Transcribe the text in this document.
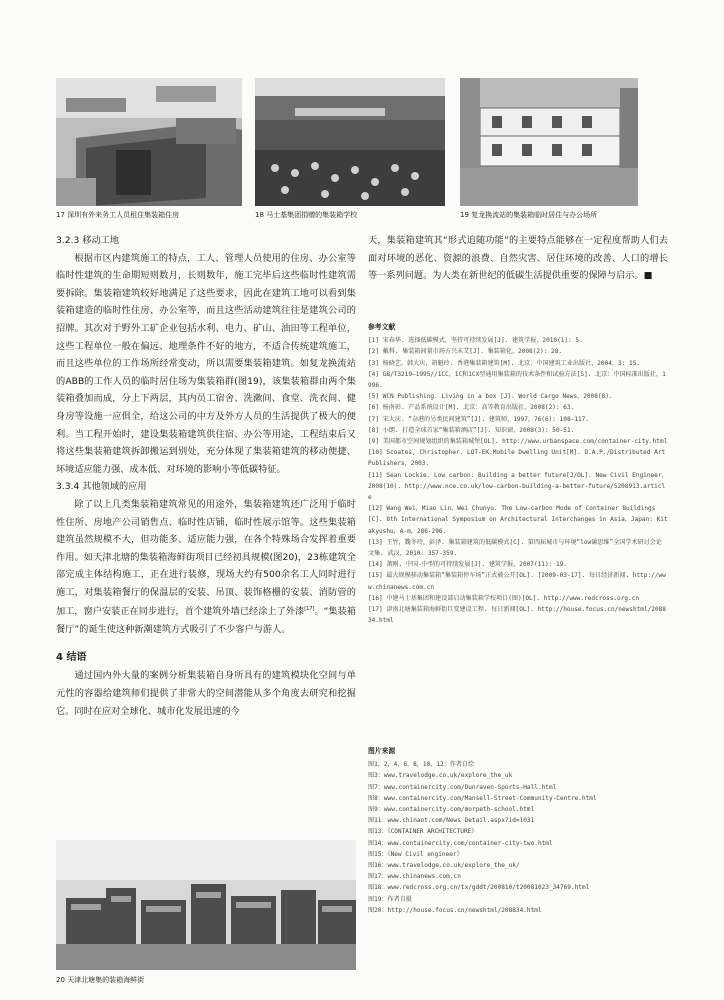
17 深圳有外来务工人员租住集装箱住房	18 马士基集团捐赠的集装箱学校	19 复龙换流站的集装箱临时居住与办公场所
3.2.3 移动工地

根据市区内建筑施工的特点，工人、管理人员使用的住房、办公室等临时性建筑的生命期短则数月，长则数年，施工完毕后这些临时性建筑需要拆除。集装箱建筑较好地满足了这些要求，因此在建筑工地可以看到集装箱建造的临时性住房、办公室等，而且这些活动建筑往往是建筑公司的招牌。其次对于野外工矿企业包括水利、电力、矿山、油田等工程单位，这些工程单位一般在偏远、地理条件不好的地方，不适合传统建筑施工，而且这些单位的工作场所经常变动，所以需要集装箱建筑。如复龙换流站的ABB的工作人员的临时居住场为集装箱群(图19)，该集装箱群由两个集装箱叠加而成，分上下两层，其内员工宿舍、洗漱间、食堂、洗衣间、健身房等设施一应俱全，给这公司的中方及外方人员的生活提供了极大的便利。当工程开始时，建设集装箱建筑供住宿、办公等用途，工程结束后又将这些集装箱建筑拆卸搬运到别处，充分体现了集装箱建筑的移动便捷、环境适应能力强、成本低、对环境的影响小等低碳特征。

3.3.4 其他领域的应用

除了以上几类集装箱建筑常见的用途外，集装箱建筑还广泛用于临时性住所、房地产公司销售点、临时性店铺，临时性展示馆等。这些集装箱建筑虽然规模不大，但功能多、适应能力强，在各个特殊场合发挥着重要作用。如天津北塘的集装箱海鲜街项目已经初具规模(图20)，23栋建筑全部完成主体结构施工，正在进行装修，现场大约有500余名工人同时进行施工，对集装箱餐厅的保温层的安装、吊顶、装饰格栅的安装、消防管的加工，窗户安装正在同步进行，首个建筑外墙已经涂上了外漆[17]。“集装箱餐厅”的诞生使这种新潮建筑方式吸引了不少客户与游人。

4 结语

通过国内外大量的案例分析集装箱自身所具有的建筑模块化空间与单元性的容器给建筑师们提供了非常大的空间潜能从多个角度去研究和挖掘它。同时在应对全球化、城市化发展迅速的今

20 天津北塘集的装箱海鲜街

天，集装箱建筑其“形式追随功能”的主要特点能够在一定程度帮助人们去面对环境的恶化、资源的浪费、自然灾害、居住环境的改善、人口的增长等一系列问题。为人类在新世纪的低碳生活提供重要的保障与启示。■

参考文献
[1] 宋春华. 选择低碳模式，坚持可持续发展[J]. 建筑学报，2010(1): 5.
[2] 戴科. 集装箱间量市场方兴未艾[J]. 集装箱化，2008(2): 28.
[3] 杨晓艺，韩大庆，胡魁玲. 香港集装箱建筑[M]. 北京：中国建筑工业出版社，2004，3: 15.
[4] GB/T3219—1995//1CC，1C和1CX型通用集装箱的技术条件和试验方法[S]. 北京：中国标准出版社，1996.
[5] WCN Publishing. Living in a box [J]. World Cargo News，2008(8).
[6] 杨南彰. 产品系统设计[M]. 北京：高等教育出版社，2008(2): 63.
[7] 宋大庆. “杂港的另类民间建筑”[J]. 建筑师，1997，76(6): 108-117.
[8] 小朗. 打造全球首家“集装箱酒店”[J]. 知识窗，2008(3): 50-51.
[9] 美国都市空间规划组织的集装箱城堡[OL]. http://www.urbanspace.com/container-city.html
[10] Scoates, Christopher. LOT-EK:Mobile Dwelling Unit[M]. D.A.P./Distributed Art Publishers，2003.
[11] Sean Lockie. Low carbon: Building a better future[J/OL]. New Civil Engineer，2008(10). http://www.nce.co.uk/low-carbon-building-a-better-future/5208913.article
[12] Wang Wei，Miao Lin，Wei Chunyu. The Low-carbon Mode of Container Buildings[C]. 8th International Symposium on Architectural Interchanges in Asia，Japan: Kitakyushu，A-m，286-296.
[13] 王竹，魏冬玲，彭泽. 集装箱建筑的低碳模式[C]. 第四届城市与环境“low碳思维”全国学术研讨会论文集. 武汉，2010: 357-359.
[14] 萧刚. 中国-中型的可持续发展[J]. 建筑学报，2007(11): 19.
[15] 最大规模移动集装箱“集装箱停车场”正式被公开[OL]. [2009-03-17]. 每日经济新闻. http://www.chinanews.com.cn
[16] 中建马士基集团和建设部启动集装箱学校项目(图)[OL]. http://www.redcross.org.cn
[17] 津南北塘集装箱海鲜街巨变建设工程. 每日新闻[OL]. http://house.focus.cn/newshtml/208834.html
图片来源
图1，2，4，6，8，10，12：作者自绘
图3：www.travelodge.co.uk/explore_the_uk
图7：www.containercity.com/Dunraven-Sports-Hall.html
图8：www.containercity.com/Mansell-Street-Community-Centre.html
图9：www.containercity.com/morpeth-school.html
图11：www.chinaot.com/News Detail.aspx?id=1031
图13：《CONTAINER ARCHITECTURE》
图14：www.containercity.com/container-city-two.html
图15：《New Civil engineer》
图16：www.travelodge.co.uk/explore_the_uk/
图17：www.chinanews.com.cn
图18：www.redcross.org.cn/tx/gddt/200810/t20081023_34769.html
图19：作者自摄
图20：http://house.focus.cn/newshtml/208834.html
